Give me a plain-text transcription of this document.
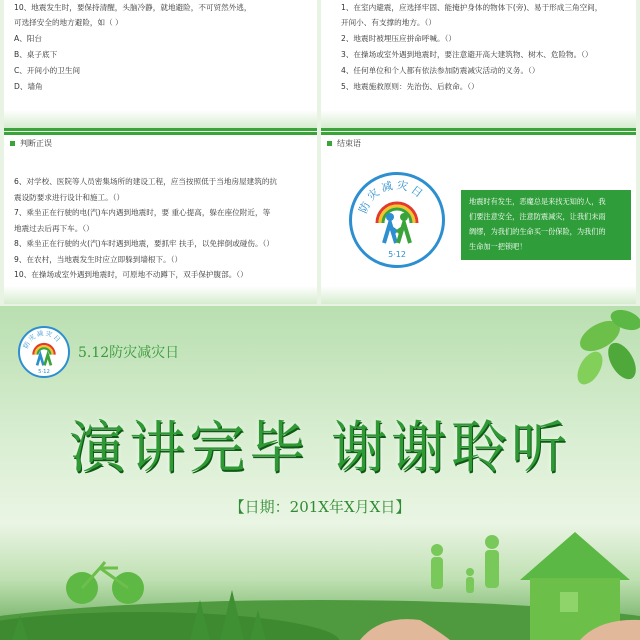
10、地震发生时，要保持清醒，头脑冷静，就地避险，不可贸然外逃，
可选择安全的地方避险，如（ ）
A、阳台
B、桌子底下
C、开间小的卫生间
D、墙角
1、在室内避震，应选择牢固、能掩护身体的物体下(旁)、易于形成三角空间，
开间小、有支撑的地方。（）
2、地震时被埋压应拼命呼喊。（）
3、在操场或室外遇到地震时，要注意避开高大建筑物、树木、危险物。（）
4、任何单位和个人都有依法参加防震减灾活动的义务。（）
5、地震施救原则：先治伤、后救命。（）
判断正误
6、对学校、医院等人员密集场所的建设工程，应当按照低于当地房屋建筑的抗
震设防要求进行设计和施工。（）
7、乘坐正在行驶的电(汽)车内遇到地震时，要 重心提高，躲在座位附近，等
地震过去后再下车。（）
8、乘坐正在行驶的火(汽)车时遇到地震，要抓牢 扶手，以免摔倒或碰伤。（）
9、在农村，当地震发生时应立即躲到墙根下。（）
10、在操场或室外遇到地震时，可原地不动蹲下，双手保护腹部。（）
结束语
防灾减灾日
5·12
地震时有发生，恶魔总是来找无知的人，我
们要注意安全，注意防震减灾，让我们未雨
绸缪，为我们的生命买一份保险，为我们的
生命加一把锁吧！
防灾减灾日
5·12
5.12防灾减灾日
演讲完毕 谢谢聆听
【日期：201X年X月X日】
